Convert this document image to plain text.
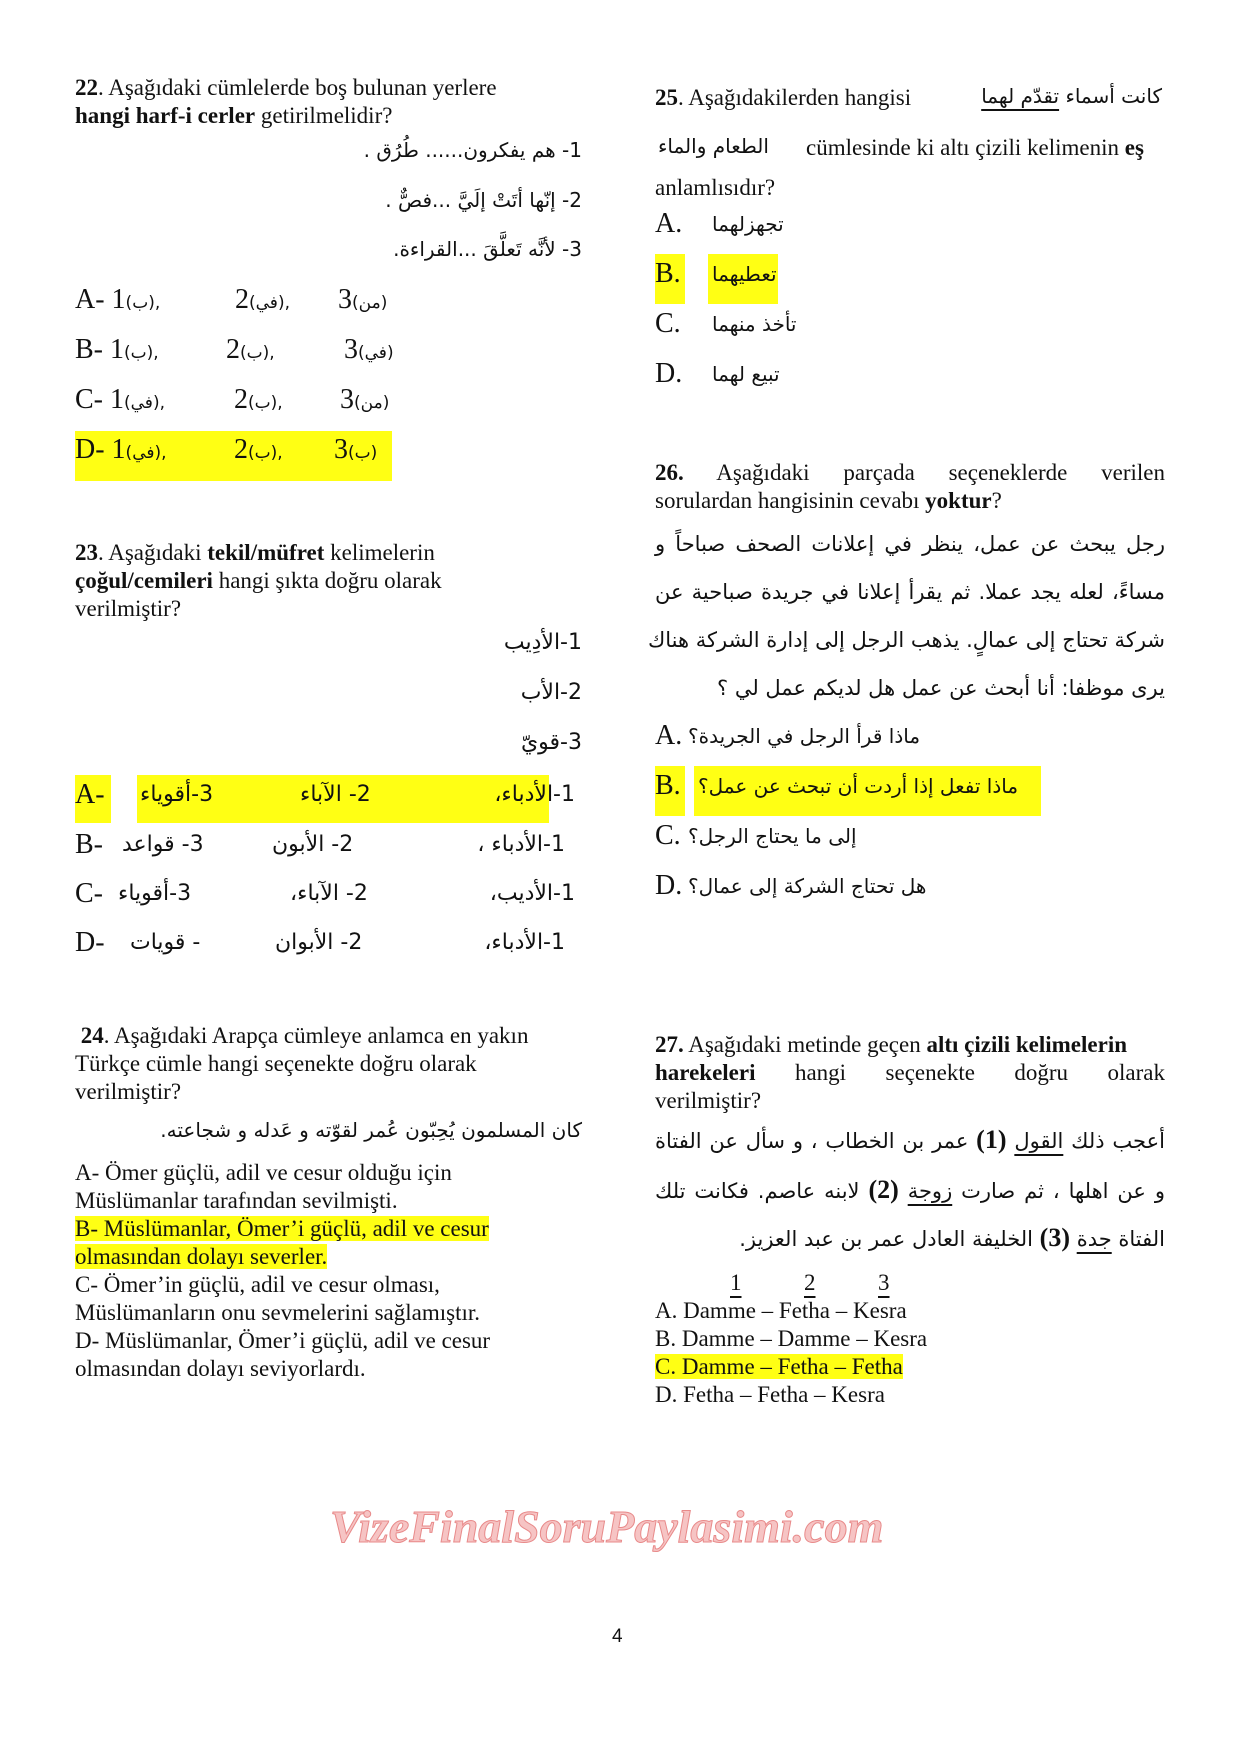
22. Aşağıdaki cümlelerde boş bulunan yerlere
hangi harf-i cerler getirilmelidir?
1- هم يفكرون...... طُرُق .
2- إنّها أتَتْ إلَيَّ ...فصٌّ .
3- لأنَّه تَعلَّقَ ...القراءة.
A- 1(ب),	2(في), 3(من)
B- 1(ب), 2(ب), 3(في)
C- 1(في), 2(ب), 3(من)
D- 1(في), 2(ب), 3(ب)
23. Aşağıdaki tekil/müfret kelimelerin
çoğul/cemileri hangi şıkta doğru olarak
verilmiştir?
1-الأدِيب
2-الأب
3-قويّ
A- 3-أقوياء	2- الآباء	1-الأدباء،
B- 3- قواعد	2- الأبون	1-الأدباء ،
C- 3-أقوياء	2- الآباء،	1-الأديب،
D- - قويات	2- الأبوان	1-الأدباء،
24. Aşağıdaki Arapça cümleye anlamca en yakın
Türkçe cümle hangi seçenekte doğru olarak
verilmiştir?
كان المسلمون يُحِبّون عُمر لقوّته و عَدله و شجاعته.
A- Ömer güçlü, adil ve cesur olduğu için
Müslümanlar tarafından sevilmişti.
B- Müslümanlar, Ömer’i güçlü, adil ve cesur
olmasından dolayı severler.
C- Ömer’in güçlü, adil ve cesur olması,
Müslümanların onu sevmelerini sağlamıştır.
D- Müslümanlar, Ömer’i güçlü, adil ve cesur
olmasından dolayı seviyorlardı.
25. Aşağıdakilerden hangisi	كانت أسماء تقدّم لهما
الطعام والماء cümlesinde ki altı çizili kelimenin eş
anlamlısıdır?
A. تجهزلهما
B. تعطيهما
C. تأخذ منهما
D. تبيع لهما
26. Aşağıdaki parçada seçeneklerde verilen
sorulardan hangisinin cevabı yoktur?
رجل يبحث عن عمل، ينظر في إعلانات الصحف صباحاً و
مساءً، لعله يجد عملا. ثم يقرأ إعلانا في جريدة صباحية عن
شركة تحتاج إلى عمالٍ. يذهب الرجل إلى إدارة الشركة هناك
يرى موظفا: أنا أبحث عن عمل هل لديكم عمل لي ؟
A. ماذا قرأ الرجل في الجريدة؟
B. ماذا تفعل إذا أردت أن تبحث عن عمل؟
C. إلى ما يحتاج الرجل؟
D. هل تحتاج الشركة إلى عمال؟
27. Aşağıdaki metinde geçen altı çizili kelimelerin
harekeleri hangi seçenekte doğru olarak
verilmiştir?
أعجب ذلك القول (1) عمر بن الخطاب ، و سأل عن الفتاة
و عن اهلها ، ثم صارت زوجة (2) لابنه عاصم. فكانت تلك
الفتاة جدة (3) الخليفة العادل عمر بن عبد العزيز.
1	2	3
A. Damme – Fetha – Kesra
B. Damme – Damme – Kesra
C. Damme – Fetha – Fetha
D. Fetha – Fetha – Kesra
VizeFinalSoruPaylasimi.com
4
